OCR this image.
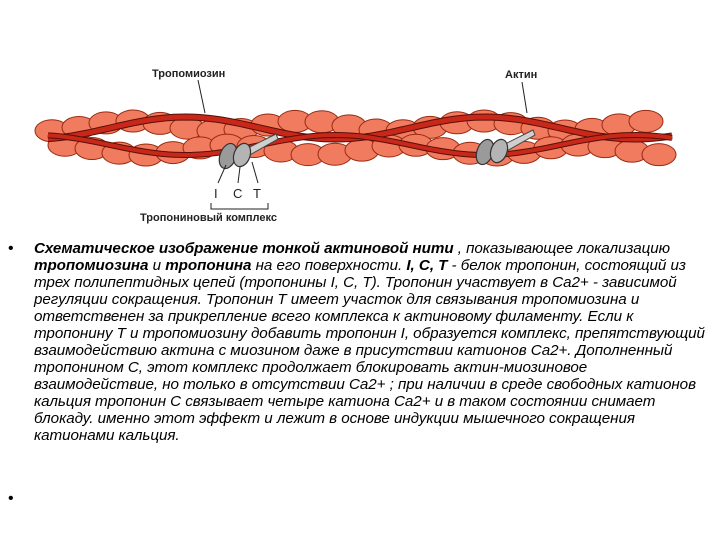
Тропомиозин	Актин
I C T
Тропониновый комплекс
• Схематическое изображение тонкой актиновой нити , показывающее локализацию тропомиозина и тропонина на его поверхности. I, C, T - белок тропонин, состоящий из трех полипептидных цепей (тропонины I, C, T). Тропонин участвует в Ca2+ - зависимой регуляции сокращения. Тропонин T имеет участок для связывания тропомиозина и ответственен за прикрепление всего комплекса к актиновому филаменту. Если к тропонину T и тропомиозину добавить тропонин I, образуется комплекс, препятствующий взаимодействию актина с миозином даже в присутствии катионов Ca2+. Дополненный тропонином С, этот комплекс продолжает блокировать актин-миозиновое взаимодействие, но только в отсутствии Ca2+ ; при наличии в среде свободных катионов кальция тропонин С связывает четыре катиона Ca2+ и в таком состоянии снимает блокаду. именно этот эффект и лежит в основе индукции мышечного сокращения катионами кальция.
•
